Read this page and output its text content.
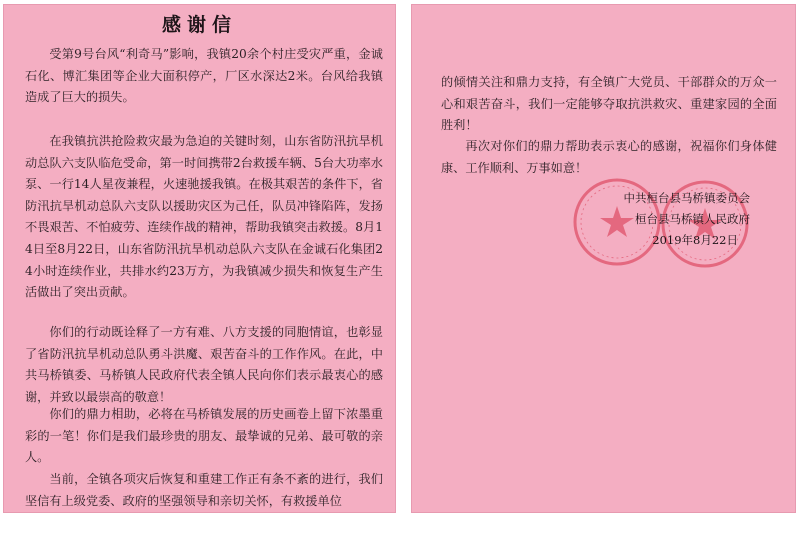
感谢信

受第9号台风“利奇马”影响，我镇20余个村庄受灾严重，金诚石化、博汇集团等企业大面积停产，厂区水深达2米。台风给我镇造成了巨大的损失。

在我镇抗洪抢险救灾最为急迫的关键时刻，山东省防汛抗旱机动总队六支队临危受命，第一时间携带2台救援车辆、5台大功率水泵、一行14人星夜兼程，火速驰援我镇。在极其艰苦的条件下，省防汛抗旱机动总队六支队以援助灾区为己任，队员冲锋陷阵，发扬不畏艰苦、不怕疲劳、连续作战的精神，帮助我镇突击救援。8月14日至8月22日，山东省防汛抗旱机动总队六支队在金诚石化集团24小时连续作业，共排水约23万方，为我镇减少损失和恢复生产生活做出了突出贡献。

你们的行动既诠释了一方有难、八方支援的同胞情谊，也彰显了省防汛抗旱机动总队勇斗洪魔、艰苦奋斗的工作作风。在此，中共马桥镇委、马桥镇人民政府代表全镇人民向你们表示最衷心的感谢，并致以最崇高的敬意！

你们的鼎力相助，必将在马桥镇发展的历史画卷上留下浓墨重彩的一笔！你们是我们最珍贵的朋友、最挚诚的兄弟、最可敬的亲人。

当前，全镇各项灾后恢复和重建工作正有条不紊的进行，我们坚信有上级党委、政府的坚强领导和亲切关怀，有救援单位

的倾情关注和鼎力支持，有全镇广大党员、干部群众的万众一心和艰苦奋斗，我们一定能够夺取抗洪救灾、重建家园的全面胜利！

再次对你们的鼎力帮助表示衷心的感谢，祝福你们身体健康、工作顺利、万事如意！

中共桓台县马桥镇委员会
桓台县马桥镇人民政府
2019年8月22日
